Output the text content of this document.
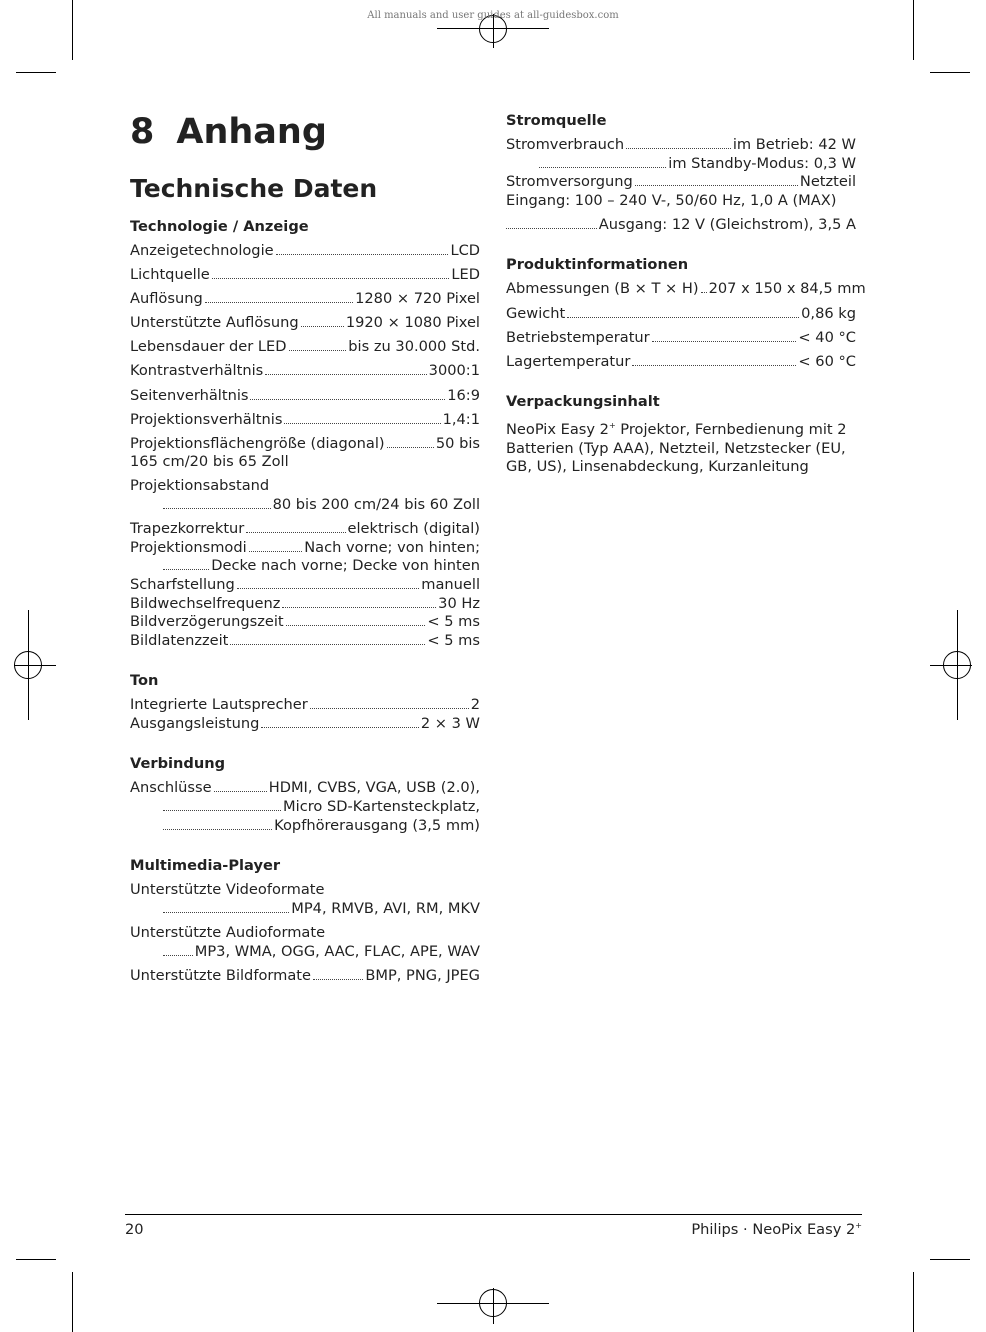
All manuals and user guides at all-guidesbox.com
8 Anhang
Technische Daten
Technologie / Anzeige
Anzeigetechnologie	LCD
Lichtquelle	LED
Auflösung	1280 × 720 Pixel
Unterstützte Auflösung	1920 × 1080 Pixel
Lebensdauer der LED	bis zu 30.000 Std.
Kontrastverhältnis	3000:1
Seitenverhältnis	16:9
Projektionsverhältnis	1,4:1
Projektionsflächengröße (diagonal)	50 bis
165 cm/20 bis 65 Zoll
Projektionsabstand
80 bis 200 cm/24 bis 60 Zoll
Trapezkorrektur	elektrisch (digital)
Projektionsmodi	Nach vorne; von hinten;
Decke nach vorne; Decke von hinten
Scharfstellung	manuell
Bildwechselfrequenz	30 Hz
Bildverzögerungszeit	< 5 ms
Bildlatenzzeit	< 5 ms
Ton
Integrierte Lautsprecher	2
Ausgangsleistung	2 × 3 W
Verbindung
Anschlüsse	HDMI, CVBS, VGA, USB (2.0),
Micro SD-Kartensteckplatz,
Kopfhörerausgang (3,5 mm)
Multimedia-Player
Unterstützte Videoformate
MP4, RMVB, AVI, RM, MKV
Unterstützte Audioformate
MP3, WMA, OGG, AAC, FLAC, APE, WAV
Unterstützte Bildformate	BMP, PNG, JPEG
Stromquelle
Stromverbrauch	im Betrieb: 42 W
im Standby-Modus: 0,3 W
Stromversorgung	Netzteil
Eingang: 100 – 240 V-, 50/60 Hz, 1,0 A (MAX)
Ausgang: 12 V (Gleichstrom), 3,5 A
Produktinformationen
Abmessungen (B × T × H) 207 x 150 x 84,5 mm
Gewicht	0,86 kg
Betriebstemperatur	< 40 °C
Lagertemperatur	< 60 °C
Verpackungsinhalt
NeoPix Easy 2+ Projektor, Fernbedienung mit 2 Batterien (Typ AAA), Netzteil, Netzstecker (EU, GB, US), Linsenabdeckung, Kurzanleitung
20	Philips · NeoPix Easy 2+
